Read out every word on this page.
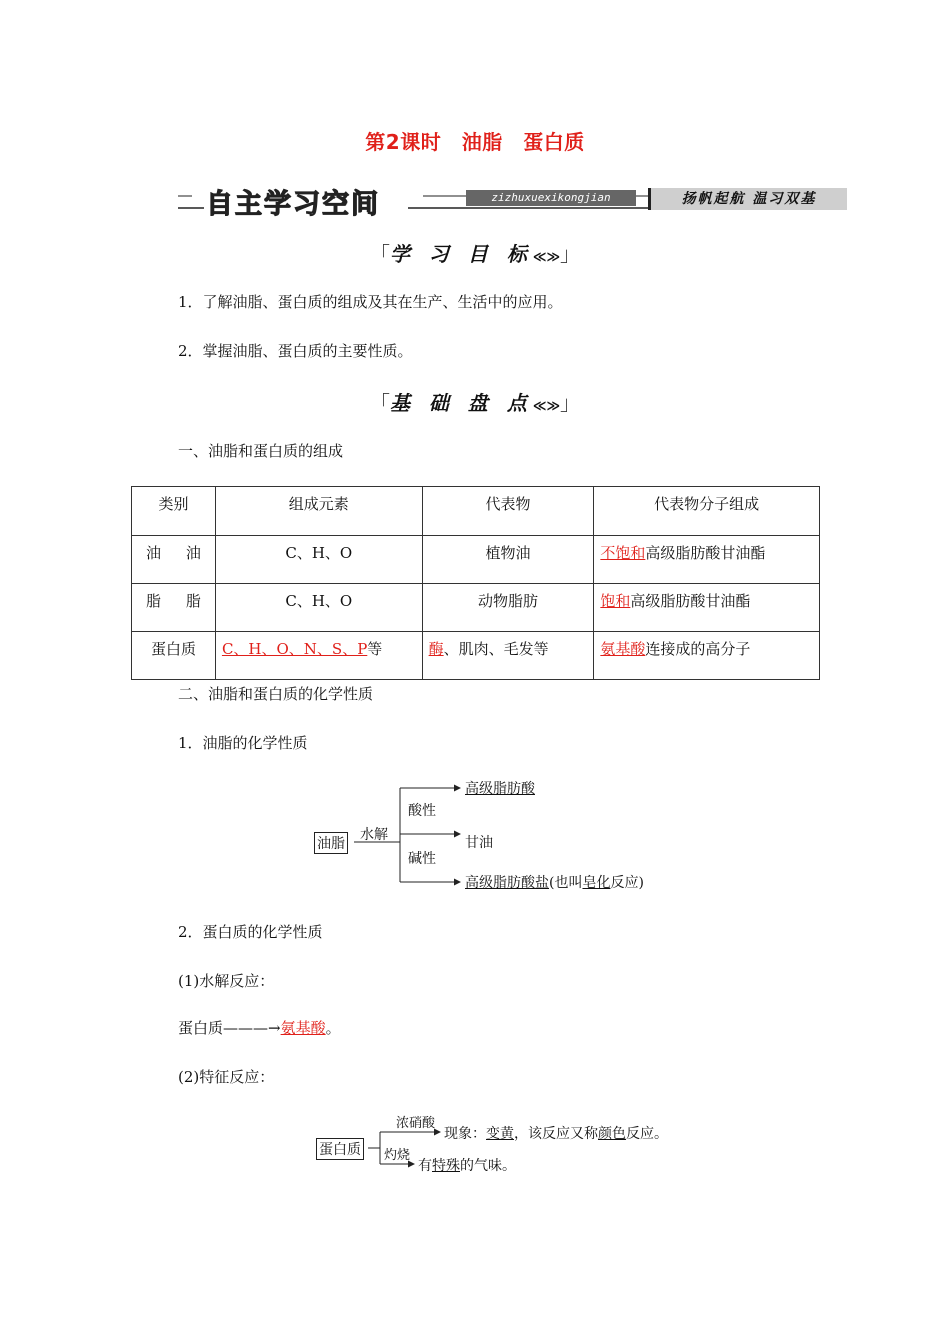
第2课时　油脂　蛋白质
自主学习空间	zizhuxuexikongjian	扬帆起航 温习双基
「学 习 目 标≪≫」
1．了解油脂、蛋白质的组成及其在生产、生活中的应用。
2．掌握油脂、蛋白质的主要性质。
「基 础 盘 点≪≫」
一、油脂和蛋白质的组成
类别	组成元素	代表物	代表物分子组成

油 油	C、H、O	植物油	不饱和高级脂肪酸甘油酯

脂 脂	C、H、O	动物脂肪	饱和高级脂肪酸甘油酯
蛋白质	C、H、O、N、S、P等	酶、肌肉、毛发等	氨基酸连接成的高分子
二、油脂和蛋白质的化学性质
1．油脂的化学性质
油脂
水解
酸性
碱性
高级脂肪酸
甘油
高级脂肪酸盐(也叫皂化反应)
2．蛋白质的化学性质
(1)水解反应：
蛋白质———→氨基酸。
(2)特征反应：
蛋白质
浓硝酸
灼烧
现象：变黄，该反应又称颜色反应。
有特殊的气味。
